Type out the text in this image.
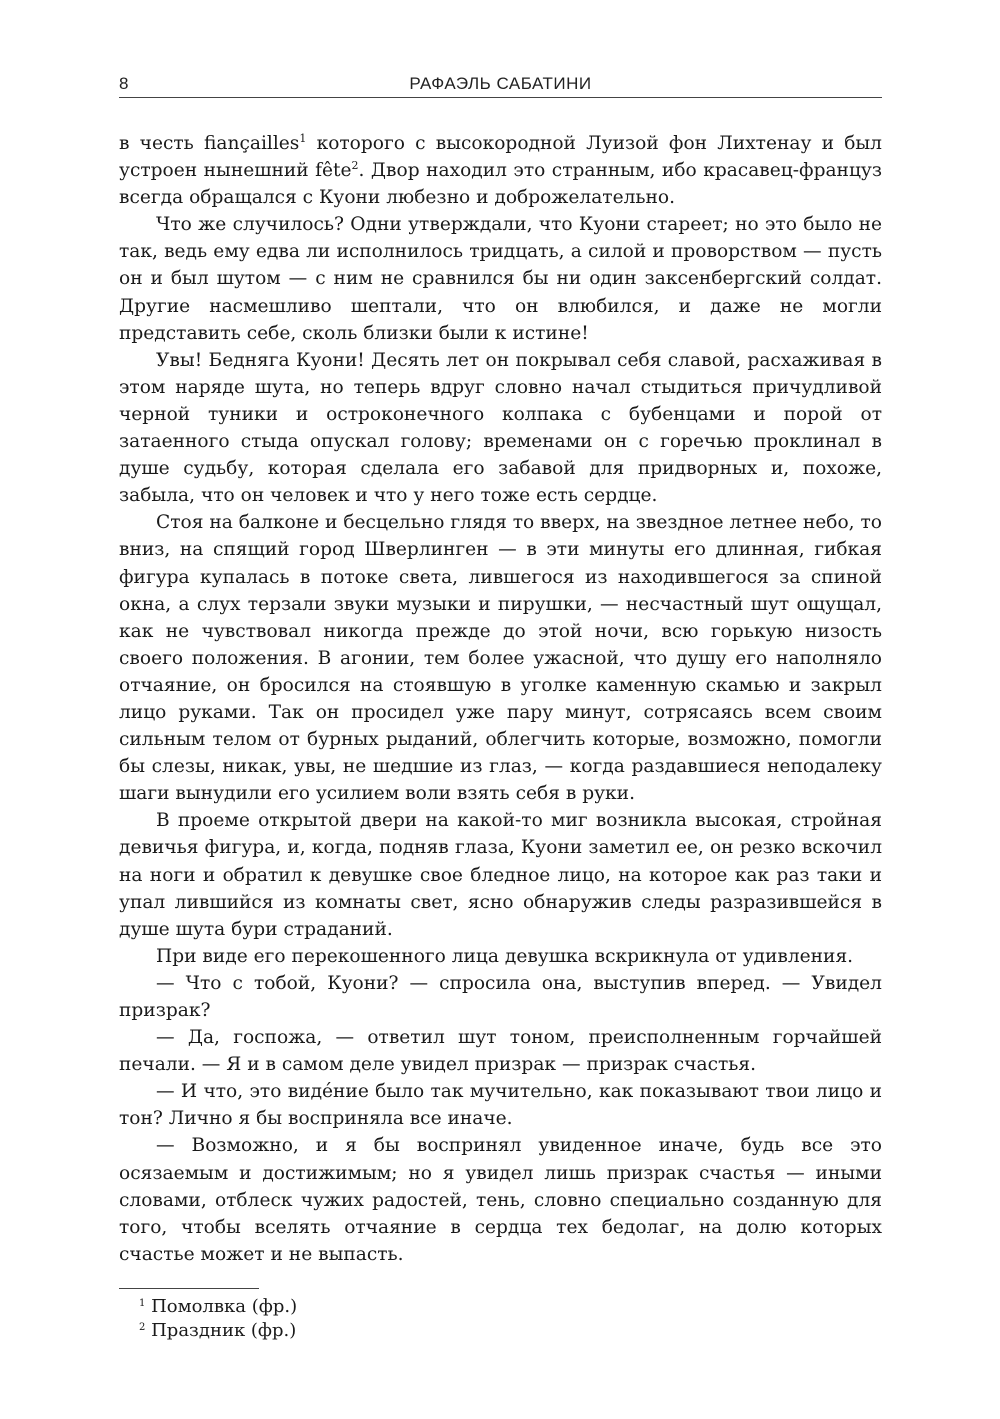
8	РАФАЭЛЬ САБАТИНИ

в честь fiançailles$^1$ которого с высокородной Луизой фон Лихтенау и был устроен нынешний fête$^2$. Двор находил это странным, ибо красавец-француз всегда обращался с Куони любезно и доброжелательно.

Что же случилось? Одни утверждали, что Куони стареет; но это было не так, ведь ему едва ли исполнилось тридцать, а силой и проворством — пусть он и был шутом — с ним не сравнился бы ни один заксенбергский солдат. Другие насмешливо шептали, что он влюбился, и даже не могли представить себе, сколь близки были к истине!

Увы! Бедняга Куони! Десять лет он покрывал себя славой, расхаживая в этом наряде шута, но теперь вдруг словно начал стыдиться причудливой черной туники и остроконечного колпака с бубенцами и порой от затаенного стыда опускал голову; временами он с горечью проклинал в душе судьбу, которая сделала его забавой для придворных и, похоже, забыла, что он человек и что у него тоже есть сердце.

Стоя на балконе и бесцельно глядя то вверх, на звездное летнее небо, то вниз, на спящий город Шверлинген — в эти минуты его длинная, гибкая фигура купалась в потоке света, лившегося из находившегося за спиной окна, а слух терзали звуки музыки и пирушки, — несчастный шут ощущал, как не чувствовал никогда прежде до этой ночи, всю горькую низость своего положения. В агонии, тем более ужасной, что душу его наполняло отчаяние, он бросился на стоявшую в уголке каменную скамью и закрыл лицо руками. Так он просидел уже пару минут, сотрясаясь всем своим сильным телом от бурных рыданий, облегчить которые, возможно, помогли бы слезы, никак, увы, не шедшие из глаз, — когда раздавшиеся неподалеку шаги вынудили его усилием воли взять себя в руки.

В проеме открытой двери на какой-то миг возникла высокая, стройная девичья фигура, и, когда, подняв глаза, Куони заметил ее, он резко вскочил на ноги и обратил к девушке свое бледное лицо, на которое как раз таки и упал лившийся из комнаты свет, ясно обнаружив следы разразившейся в душе шута бури страданий.

При виде его перекошенного лица девушка вскрикнула от удивления.

— Что с тобой, Куони? — спросила она, выступив вперед. — Увидел призрак?

— Да, госпожа, — ответил шут тоном, преисполненным горчайшей печали. — Я и в самом деле увидел призрак — призрак счастья.

— И что, это виде́ние было так мучительно, как показывают твои лицо и тон? Лично я бы восприняла все иначе.

— Возможно, и я бы воспринял увиденное иначе, будь все это осязаемым и достижимым; но я увидел лишь призрак счастья — иными словами, отблеск чужих радостей, тень, словно специально созданную для того, чтобы вселять отчаяние в сердца тех бедолаг, на долю которых счастье может и не выпасть.

$^1$ Помолвка (фр.)
$^2$ Праздник (фр.)
